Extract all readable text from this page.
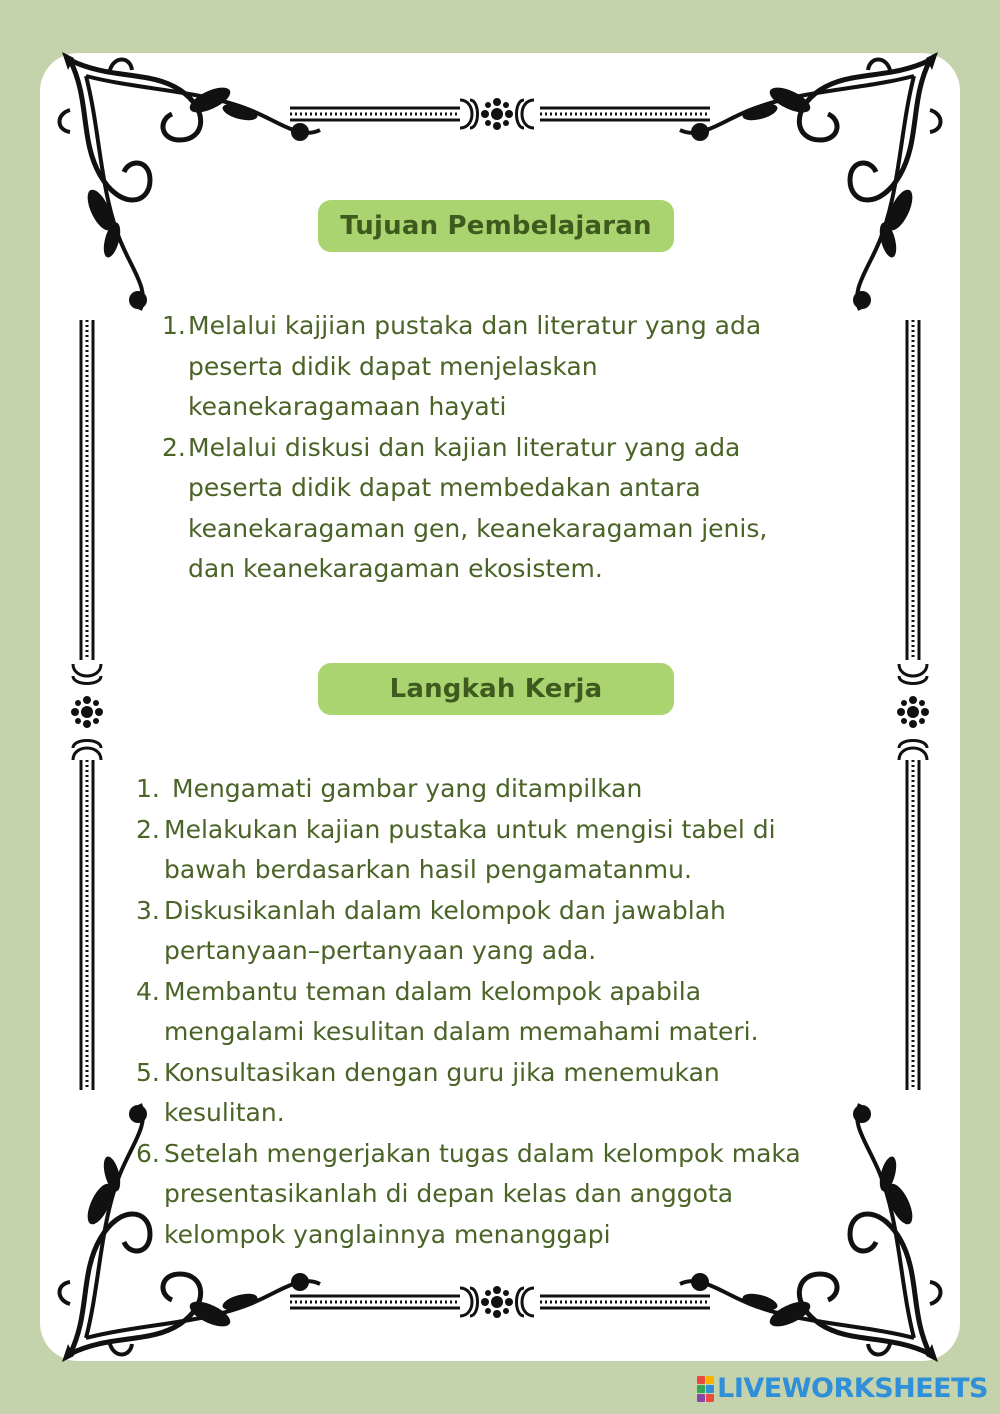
Tujuan Pembelajaran
1. Melalui kajjian pustaka dan literatur yang ada
peserta didik dapat menjelaskan
keanekaragamaan hayati
2. Melalui diskusi dan kajian literatur yang ada
peserta didik dapat membedakan antara
keanekaragaman gen, keanekaragaman jenis,
dan keanekaragaman ekosistem.
Langkah Kerja
1. Mengamati gambar yang ditampilkan
2. Melakukan kajian pustaka untuk mengisi tabel di
bawah berdasarkan hasil pengamatanmu.
3. Diskusikanlah dalam kelompok dan jawablah
pertanyaan–pertanyaan yang ada.
4. Membantu teman dalam kelompok apabila
mengalami kesulitan dalam memahami materi.
5. Konsultasikan dengan guru jika menemukan
kesulitan.
6. Setelah mengerjakan tugas dalam kelompok maka
presentasikanlah di depan kelas dan anggota
kelompok yanglainnya menanggapi
LIVEWORKSHEETS
